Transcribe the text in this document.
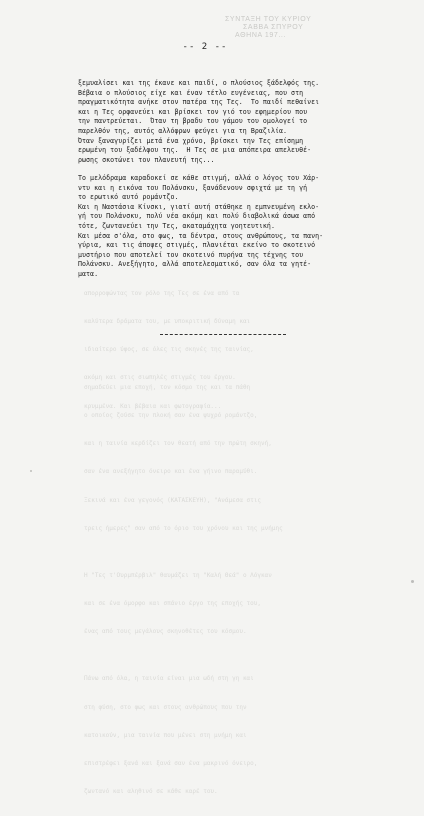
ΣΥΝΤΑΞΗ ΤΟΥ ΚΥΡΙΟΥ
ΣΑΒΒΑ ΣΠΥΡΟΥ
ΑΘΗΝΑ 197...
-- 2 --

ξεμυαλίσει και της έκανε και παιδί, ο πλούσιος ξάδελφός της.

Βέβαια ο πλούσιος είχε και έναν τέτλο ευγένειας, που στη

πραγματικότητα ανήκε στον πατέρα της Τες.  Το παιδί πεθαίνει

και η Τες ορφανεύει και βρίσκει τον γιό του εφημερίου που

την παντρεύεται.  Όταν τη βραδυ του γάμου του ομολογεί το

παρελθόν της, αυτός αλλόφρων φεύγει για τη Βραζιλία.

Όταν ξαναγυρίζει μετά ένα χρόνο, βρίσκει την Τες επίσημη

ερωμένη του ξαδέλφου της.  Η Τες σε μια απόπειρα απελευθέ-

ρωσης σκοτώνει τον πλανευτή της...

Το μελόδραμα καραδοκεί σε κάθε στιγμή, αλλά ο λόγος του Χάρ-

ντυ και η εικόνα του Πολάνσκυ, ξανάδενουν σφιχτά με τη γή

το ερωτικό αυτό ρομάντζο.

Και η Ναστάσια Κίνσκι, γιατί αυτή στάθηκε η εμπνευμένη εκλο-

γή του Πολάνσκυ, πολύ νέα ακόμη και πολύ διαβολικά άσωα από

τότε, ζωντανεύει την Τες, ακαταμάχητα γοητευτική.

Και μέσα σ'όλα, στο φως, τα δέντρα, στους ανθρώπους, τα πανη-

γύρια, και τις άποψες στιγμές, πλανιέται εκείνο το σκοτεινό

μυστήριο που αποτελεί τον σκοτεινό πυρήνα της τέχνης του

Πολάνσκυ. Ανεξήγητο, αλλά αποτελεσματικό, σαν όλα τα γητέ-

ματα.

απορροφώντας τον ρόλο της Τες σε ένα από τα

καλύτερα δράματα του, με υποκριτική δύναμη και

ιδιαίτερο ύφος, σε όλες τις σκηνές της ταινίας,

ακόμη και στις σιωπηλές στιγμές του έργου.

κρυμμένα. Και βέβαια και φωτογραφία...

σημαδεύει μια εποχή, τον κόσμο της και τα πάθη

ο οποίος ζούσε την πλοκή σαν ένα ψυχρό ρομάντζο,

και η ταινία κερδίζει τον θεατή από την πρώτη σκηνή,

σαν ένα ανεξήγητο όνειρο και ένα γήινο παραμύθι.

Ξεκινά και ένα γεγονός (ΚΑΤΑΣΚΕΥΗ), "Ανάμεσα στις

τρεις ήμερες" σαν από το όριο του χρόνου και της μνήμης

Η "Τες τ'Ουρμπέρβιλ" θαυμάζει τη "Καλή Θεά" ο Λόγκαν

και σε ένα όμορφο και σπάνιο έργο της εποχής του,

ένας από τους μεγάλους σκηνοθέτες του κόσμου.

Πάνω από όλα, η ταινία είναι μια ωδή στη γη και

στη φύση, στο φως και στους ανθρώπους που την

κατοικούν, μια ταινία που μένει στη μνήμη και

επιστρέφει ξανά και ξανά σαν ένα μακρινό όνειρο,

ζωντανό και αληθινό σε κάθε καρέ του.
